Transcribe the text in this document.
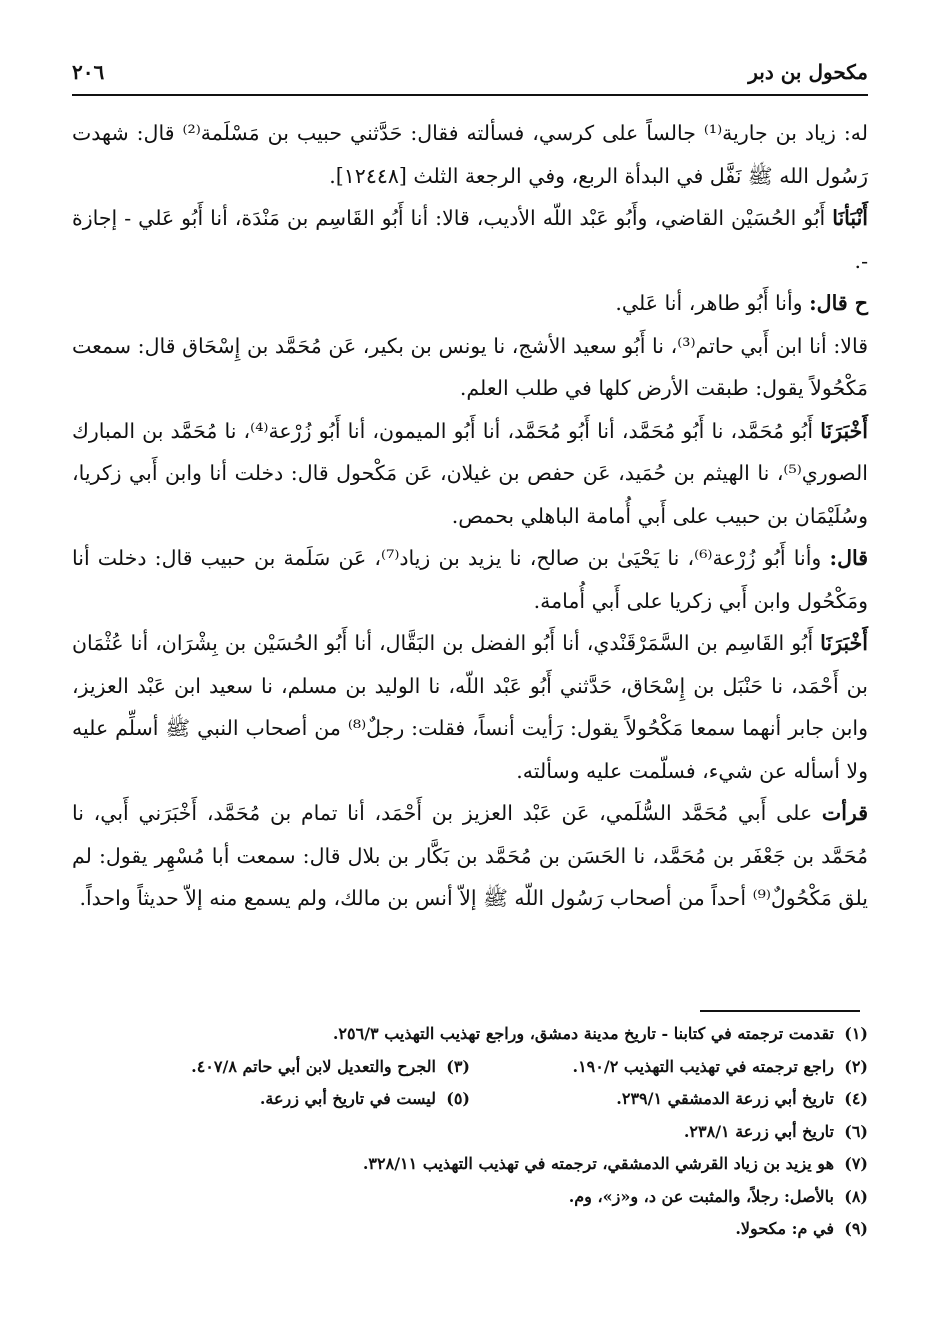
مكحول بن دبر
٢٠٦

له: زياد بن جارية⁽¹⁾ جالساً على كرسي، فسألته فقال: حَدَّثني حبيب بن مَسْلَمة⁽²⁾ قال: شهدت رَسُول الله ﷺ نَفَّل في البدأة الربع، وفي الرجعة الثلث [١٢٤٤٨].

أَنْبَأنَا أَبُو الحُسَيْن القاضي، وأَبُو عَبْد اللّه الأديب، قالا: أنا أَبُو القَاسِم بن مَنْدَة، أنا أَبُو عَلي - إجازة -.

ح قال: وأنا أَبُو طاهر، أنا عَلي.

قالا: أنا ابن أَبي حاتم⁽³⁾، نا أَبُو سعيد الأشج، نا يونس بن بكير، عَن مُحَمَّد بن إِسْحَاق قال: سمعت مَكْحُولاً يقول: طبقت الأرض كلها في طلب العلم.

أَخْبَرَنَا أَبُو مُحَمَّد، نا أَبُو مُحَمَّد، أنا أَبُو مُحَمَّد، أنا أَبُو الميمون، أنا أَبُو زُرْعة⁽⁴⁾، نا مُحَمَّد بن المبارك الصوري⁽⁵⁾، نا الهيثم بن حُمَيد، عَن حفص بن غيلان، عَن مَكْحول قال: دخلت أنا وابن أَبي زكريا، وسُلَيْمَان بن حبيب على أَبي أُمامة الباهلي بحمص.

قال: وأنا أَبُو زُرْعة⁽⁶⁾، نا يَحْيَىٰ بن صالح، نا يزيد بن زياد⁽⁷⁾، عَن سَلَمة بن حبيب قال: دخلت أنا ومَكْحُول وابن أَبي زكريا على أَبي أُمامة.

أَخْبَرَنَا أَبُو القَاسِم بن السَّمَرْقَنْدي، أنا أَبُو الفضل بن البَقَّال، أنا أَبُو الحُسَيْن بن بِشْرَان، أنا عُثْمَان بن أَحْمَد، نا حَنْبَل بن إِسْحَاق، حَدَّثني أَبُو عَبْد اللّه، نا الوليد بن مسلم، نا سعيد ابن عَبْد العزيز، وابن جابر أنهما سمعا مَكْحُولاً يقول: رَأيت أنساً، فقلت: رجلٌ⁽⁸⁾ من أصحاب النبي ﷺ أسلِّم عليه ولا أسأله عن شيء، فسلّمت عليه وسألته.

قرأت على أَبي مُحَمَّد السُّلَمي، عَن عَبْد العزيز بن أَحْمَد، أنا تمام بن مُحَمَّد، أَخْبَرَني أَبي، نا مُحَمَّد بن جَعْفَر بن مُحَمَّد، نا الحَسَن بن مُحَمَّد بن بَكَّار بن بلال قال: سمعت أبا مُسْهِر يقول: لم يلق مَكْحُولٌ⁽⁹⁾ أحداً من أصحاب رَسُول اللّه ﷺ إلاّ أنس بن مالك، ولم يسمع منه إلاّ حديثاً واحداً.

(١)
تقدمت ترجمته في كتابنا - تاريخ مدينة دمشق، وراجع تهذيب التهذيب ٢٥٦/٣.
(٢)
راجع ترجمته في تهذيب التهذيب ١٩٠/٢.
(٣)
الجرح والتعديل لابن أبي حاتم ٤٠٧/٨.
(٤)
تاريخ أبي زرعة الدمشقي ٢٣٩/١.
(٥)
ليست في تاريخ أبي زرعة.
(٦)
تاريخ أبي زرعة ٢٣٨/١.
(٧)
هو يزيد بن زياد القرشي الدمشقي، ترجمته في تهذيب التهذيب ٣٢٨/١١.
(٨)
بالأصل: رجلاً، والمثبت عن د، و«ز»، وم.
(٩)
في م: مكحولا.
